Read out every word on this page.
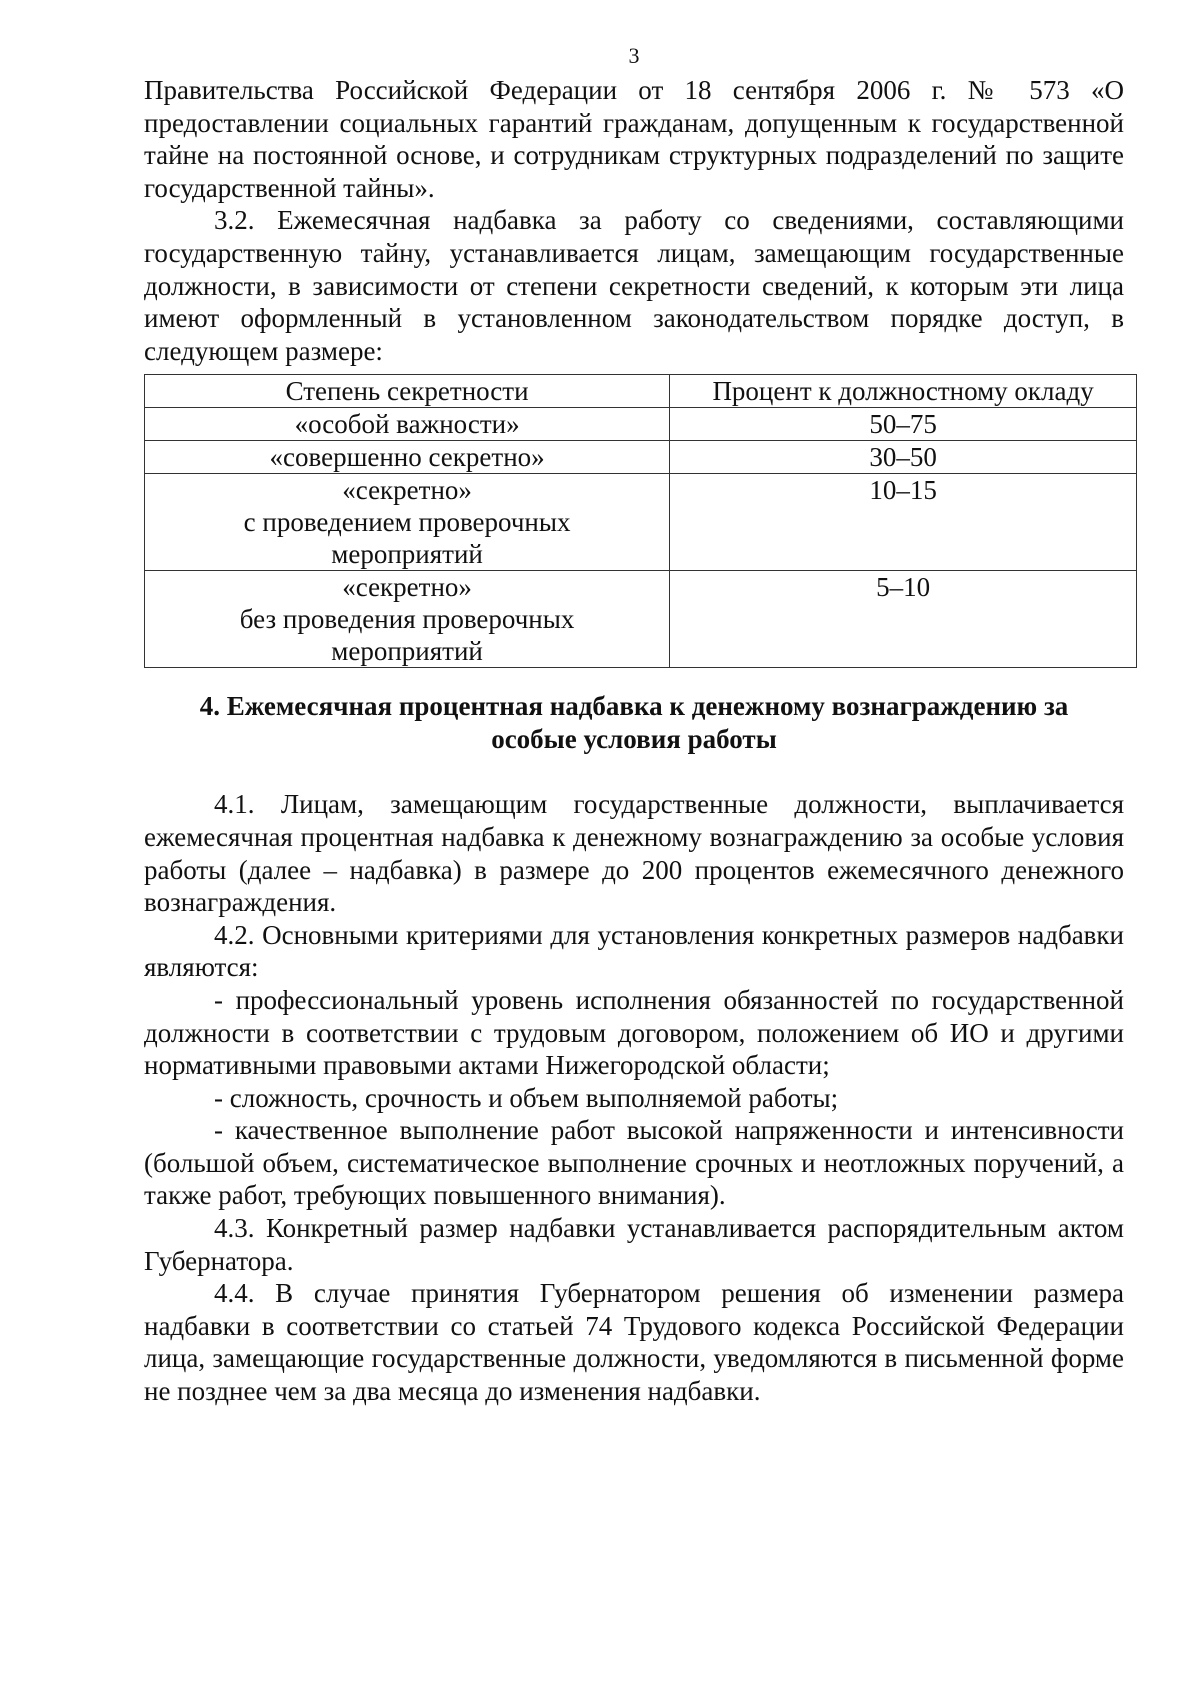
3

Правительства Российской Федерации от 18 сентября 2006 г. № 573 «О предоставлении социальных гарантий гражданам, допущенным к государственной тайне на постоянной основе, и сотрудникам структурных подразделений по защите государственной тайны».

3.2. Ежемесячная надбавка за работу со сведениями, составляющими государственную тайну, устанавливается лицам, замещающим государственные должности, в зависимости от степени секретности сведений, к которым эти лица имеют оформленный в установленном законодательством порядке доступ, в следующем размере:

Степень секретности	Процент к должностному окладу

«особой важности»	50–75

«совершенно секретно»	30–50

«секретно»
с проведением проверочных
мероприятий	10–15

«секретно»
без проведения проверочных
мероприятий	5–10
4. Ежемесячная процентная надбавка к денежному вознаграждению за
особые условия работы

4.1. Лицам, замещающим государственные должности, выплачивается ежемесячная процентная надбавка к денежному вознаграждению за особые условия работы (далее – надбавка) в размере до 200 процентов ежемесячного денежного вознаграждения.

4.2. Основными критериями для установления конкретных размеров надбавки являются:

- профессиональный уровень исполнения обязанностей по государственной должности в соответствии с трудовым договором, положением об ИО и другими нормативными правовыми актами Нижегородской области;

- сложность, срочность и объем выполняемой работы;

- качественное выполнение работ высокой напряженности и интенсивности (большой объем, систематическое выполнение срочных и неотложных поручений, а также работ, требующих повышенного внимания).

4.3. Конкретный размер надбавки устанавливается распорядительным актом Губернатора.

4.4. В случае принятия Губернатором решения об изменении размера надбавки в соответствии со статьей 74 Трудового кодекса Российской Федерации лица, замещающие государственные должности, уведомляются в письменной форме не позднее чем за два месяца до изменения надбавки.
